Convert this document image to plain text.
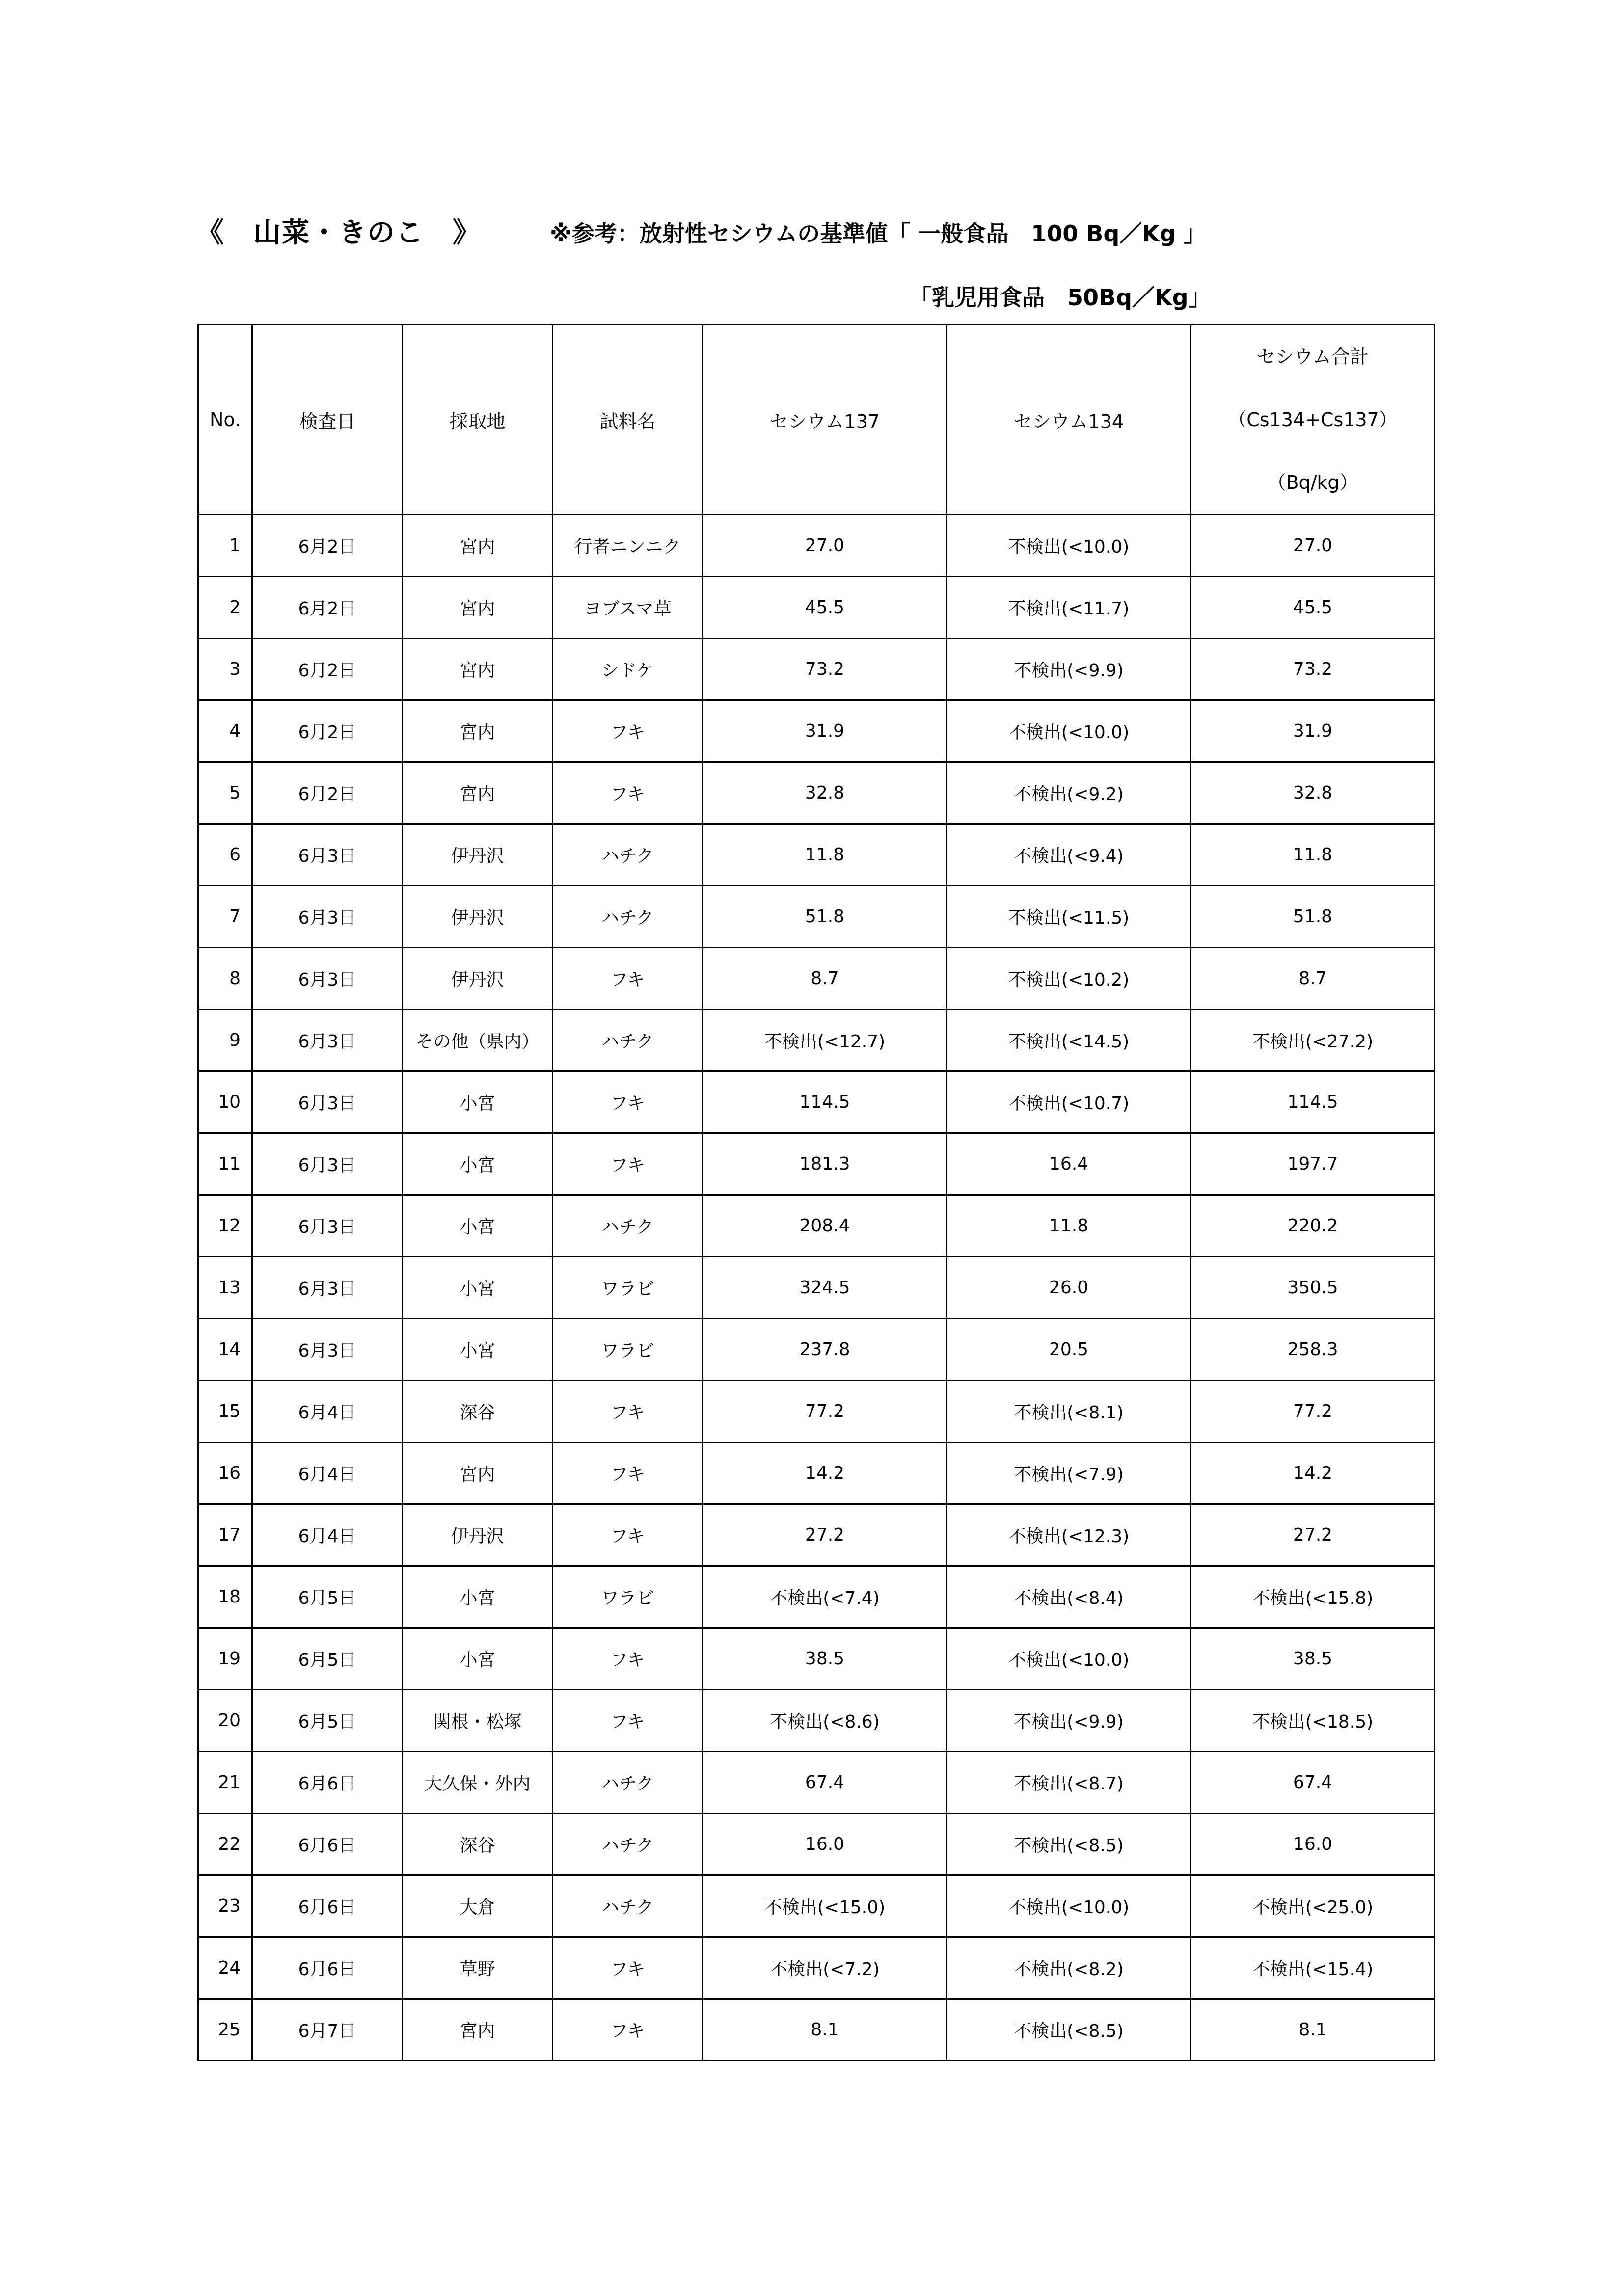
《　山菜・きのこ　》	※参考：放射性セシウムの基準値「 一般食品　100 Bq／Kg 」
「乳児用食品　50Bq／Kg」
No.	検査日	採取地	試料名	セシウム137	セシウム134	セシウム合計
（Cs134+Cs137）
（Bq/kg）

1	6月2日	宮内	行者ニンニク	27.0	不検出(<10.0)	27.0
2	6月2日	宮内	ヨブスマ草	45.5	不検出(<11.7)	45.5
3	6月2日	宮内	シドケ	73.2	不検出(<9.9)	73.2
4	6月2日	宮内	フキ	31.9	不検出(<10.0)	31.9
5	6月2日	宮内	フキ	32.8	不検出(<9.2)	32.8
6	6月3日	伊丹沢	ハチク	11.8	不検出(<9.4)	11.8
7	6月3日	伊丹沢	ハチク	51.8	不検出(<11.5)	51.8
8	6月3日	伊丹沢	フキ	8.7	不検出(<10.2)	8.7
9	6月3日	その他（県内）	ハチク	不検出(<12.7)	不検出(<14.5)	不検出(<27.2)
10	6月3日	小宮	フキ	114.5	不検出(<10.7)	114.5
11	6月3日	小宮	フキ	181.3	16.4	197.7
12	6月3日	小宮	ハチク	208.4	11.8	220.2
13	6月3日	小宮	ワラビ	324.5	26.0	350.5
14	6月3日	小宮	ワラビ	237.8	20.5	258.3
15	6月4日	深谷	フキ	77.2	不検出(<8.1)	77.2
16	6月4日	宮内	フキ	14.2	不検出(<7.9)	14.2
17	6月4日	伊丹沢	フキ	27.2	不検出(<12.3)	27.2
18	6月5日	小宮	ワラビ	不検出(<7.4)	不検出(<8.4)	不検出(<15.8)
19	6月5日	小宮	フキ	38.5	不検出(<10.0)	38.5
20	6月5日	関根・松塚	フキ	不検出(<8.6)	不検出(<9.9)	不検出(<18.5)
21	6月6日	大久保・外内	ハチク	67.4	不検出(<8.7)	67.4
22	6月6日	深谷	ハチク	16.0	不検出(<8.5)	16.0
23	6月6日	大倉	ハチク	不検出(<15.0)	不検出(<10.0)	不検出(<25.0)
24	6月6日	草野	フキ	不検出(<7.2)	不検出(<8.2)	不検出(<15.4)
25	6月7日	宮内	フキ	8.1	不検出(<8.5)	8.1
